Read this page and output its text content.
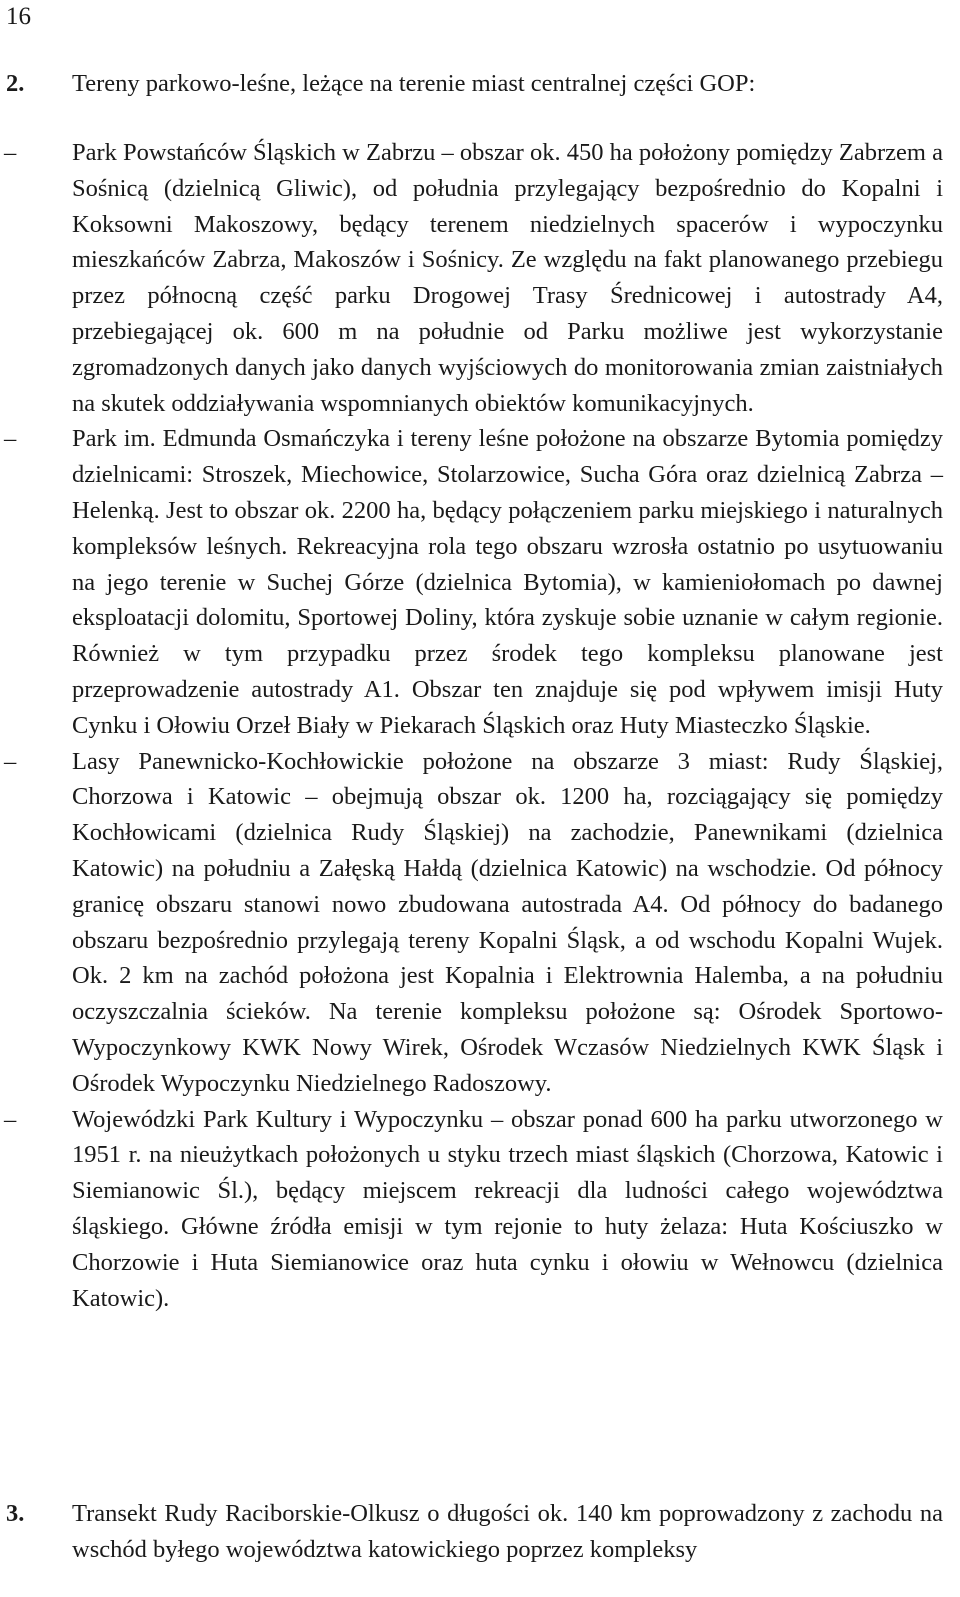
16
2. Tereny parkowo-leśne, leżące na terenie miast centralnej części GOP:
– Park Powstańców Śląskich w Zabrzu – obszar ok. 450 ha położony pomiędzy Zabrzem a Sośnicą (dzielnicą Gliwic), od południa przylegający bezpośrednio do Kopalni i Koksowni Makoszowy, będący terenem niedzielnych spacerów i wypoczynku mieszkańców Zabrza, Makoszów i Sośnicy. Ze względu na fakt planowanego przebiegu przez północną część parku Drogowej Trasy Średnicowej i autostrady A4, przebiegającej ok. 600 m na południe od Parku możliwe jest wykorzystanie zgromadzonych danych jako danych wyjściowych do monitorowania zmian zaistniałych na skutek oddziaływania wspomnianych obiektów komunikacyjnych.
– Park im. Edmunda Osmańczyka i tereny leśne położone na obszarze Bytomia pomiędzy dzielnicami: Stroszek, Miechowice, Stolarzowice, Sucha Góra oraz dzielnicą Zabrza – Helenką. Jest to obszar ok. 2200 ha, będący połączeniem parku miejskiego i naturalnych kompleksów leśnych. Rekreacyjna rola tego obszaru wzrosła ostatnio po usytuowaniu na jego terenie w Suchej Górze (dzielnica Bytomia), w kamieniołomach po dawnej eksploatacji dolomitu, Sportowej Doliny, która zyskuje sobie uznanie w całym regionie. Również w tym przypadku przez środek tego kompleksu planowane jest przeprowadzenie autostrady A1. Obszar ten znajduje się pod wpływem imisji Huty Cynku i Ołowiu Orzeł Biały w Piekarach Śląskich oraz Huty Miasteczko Śląskie.
– Lasy Panewnicko-Kochłowickie położone na obszarze 3 miast: Rudy Śląskiej, Chorzowa i Katowic – obejmują obszar ok. 1200 ha, rozciągający się pomiędzy Kochłowicami (dzielnica Rudy Śląskiej) na zachodzie, Panewnikami (dzielnica Katowic) na południu a Załęską Hałdą (dzielnica Katowic) na wschodzie. Od północy granicę obszaru stanowi nowo zbudowana autostrada A4. Od północy do badanego obszaru bezpośrednio przylegają tereny Kopalni Śląsk, a od wschodu Kopalni Wujek. Ok. 2 km na zachód położona jest Kopalnia i Elektrownia Halemba, a na południu oczyszczalnia ścieków. Na terenie kompleksu położone są: Ośrodek Sportowo-Wypoczynkowy KWK Nowy Wirek, Ośrodek Wczasów Niedzielnych KWK Śląsk i Ośrodek Wypoczynku Niedzielnego Radoszowy.
– Wojewódzki Park Kultury i Wypoczynku – obszar ponad 600 ha parku utworzonego w 1951 r. na nieużytkach położonych u styku trzech miast śląskich (Chorzowa, Katowic i Siemianowic Śl.), będący miejscem rekreacji dla ludności całego województwa śląskiego. Główne źródła emisji w tym rejonie to huty żelaza: Huta Kościuszko w Chorzowie i Huta Siemianowice oraz huta cynku i ołowiu w Wełnowcu (dzielnica Katowic).
3. Transekt Rudy Raciborskie-Olkusz o długości ok. 140 km poprowadzony z zachodu na wschód byłego województwa katowickiego poprzez kompleksy
